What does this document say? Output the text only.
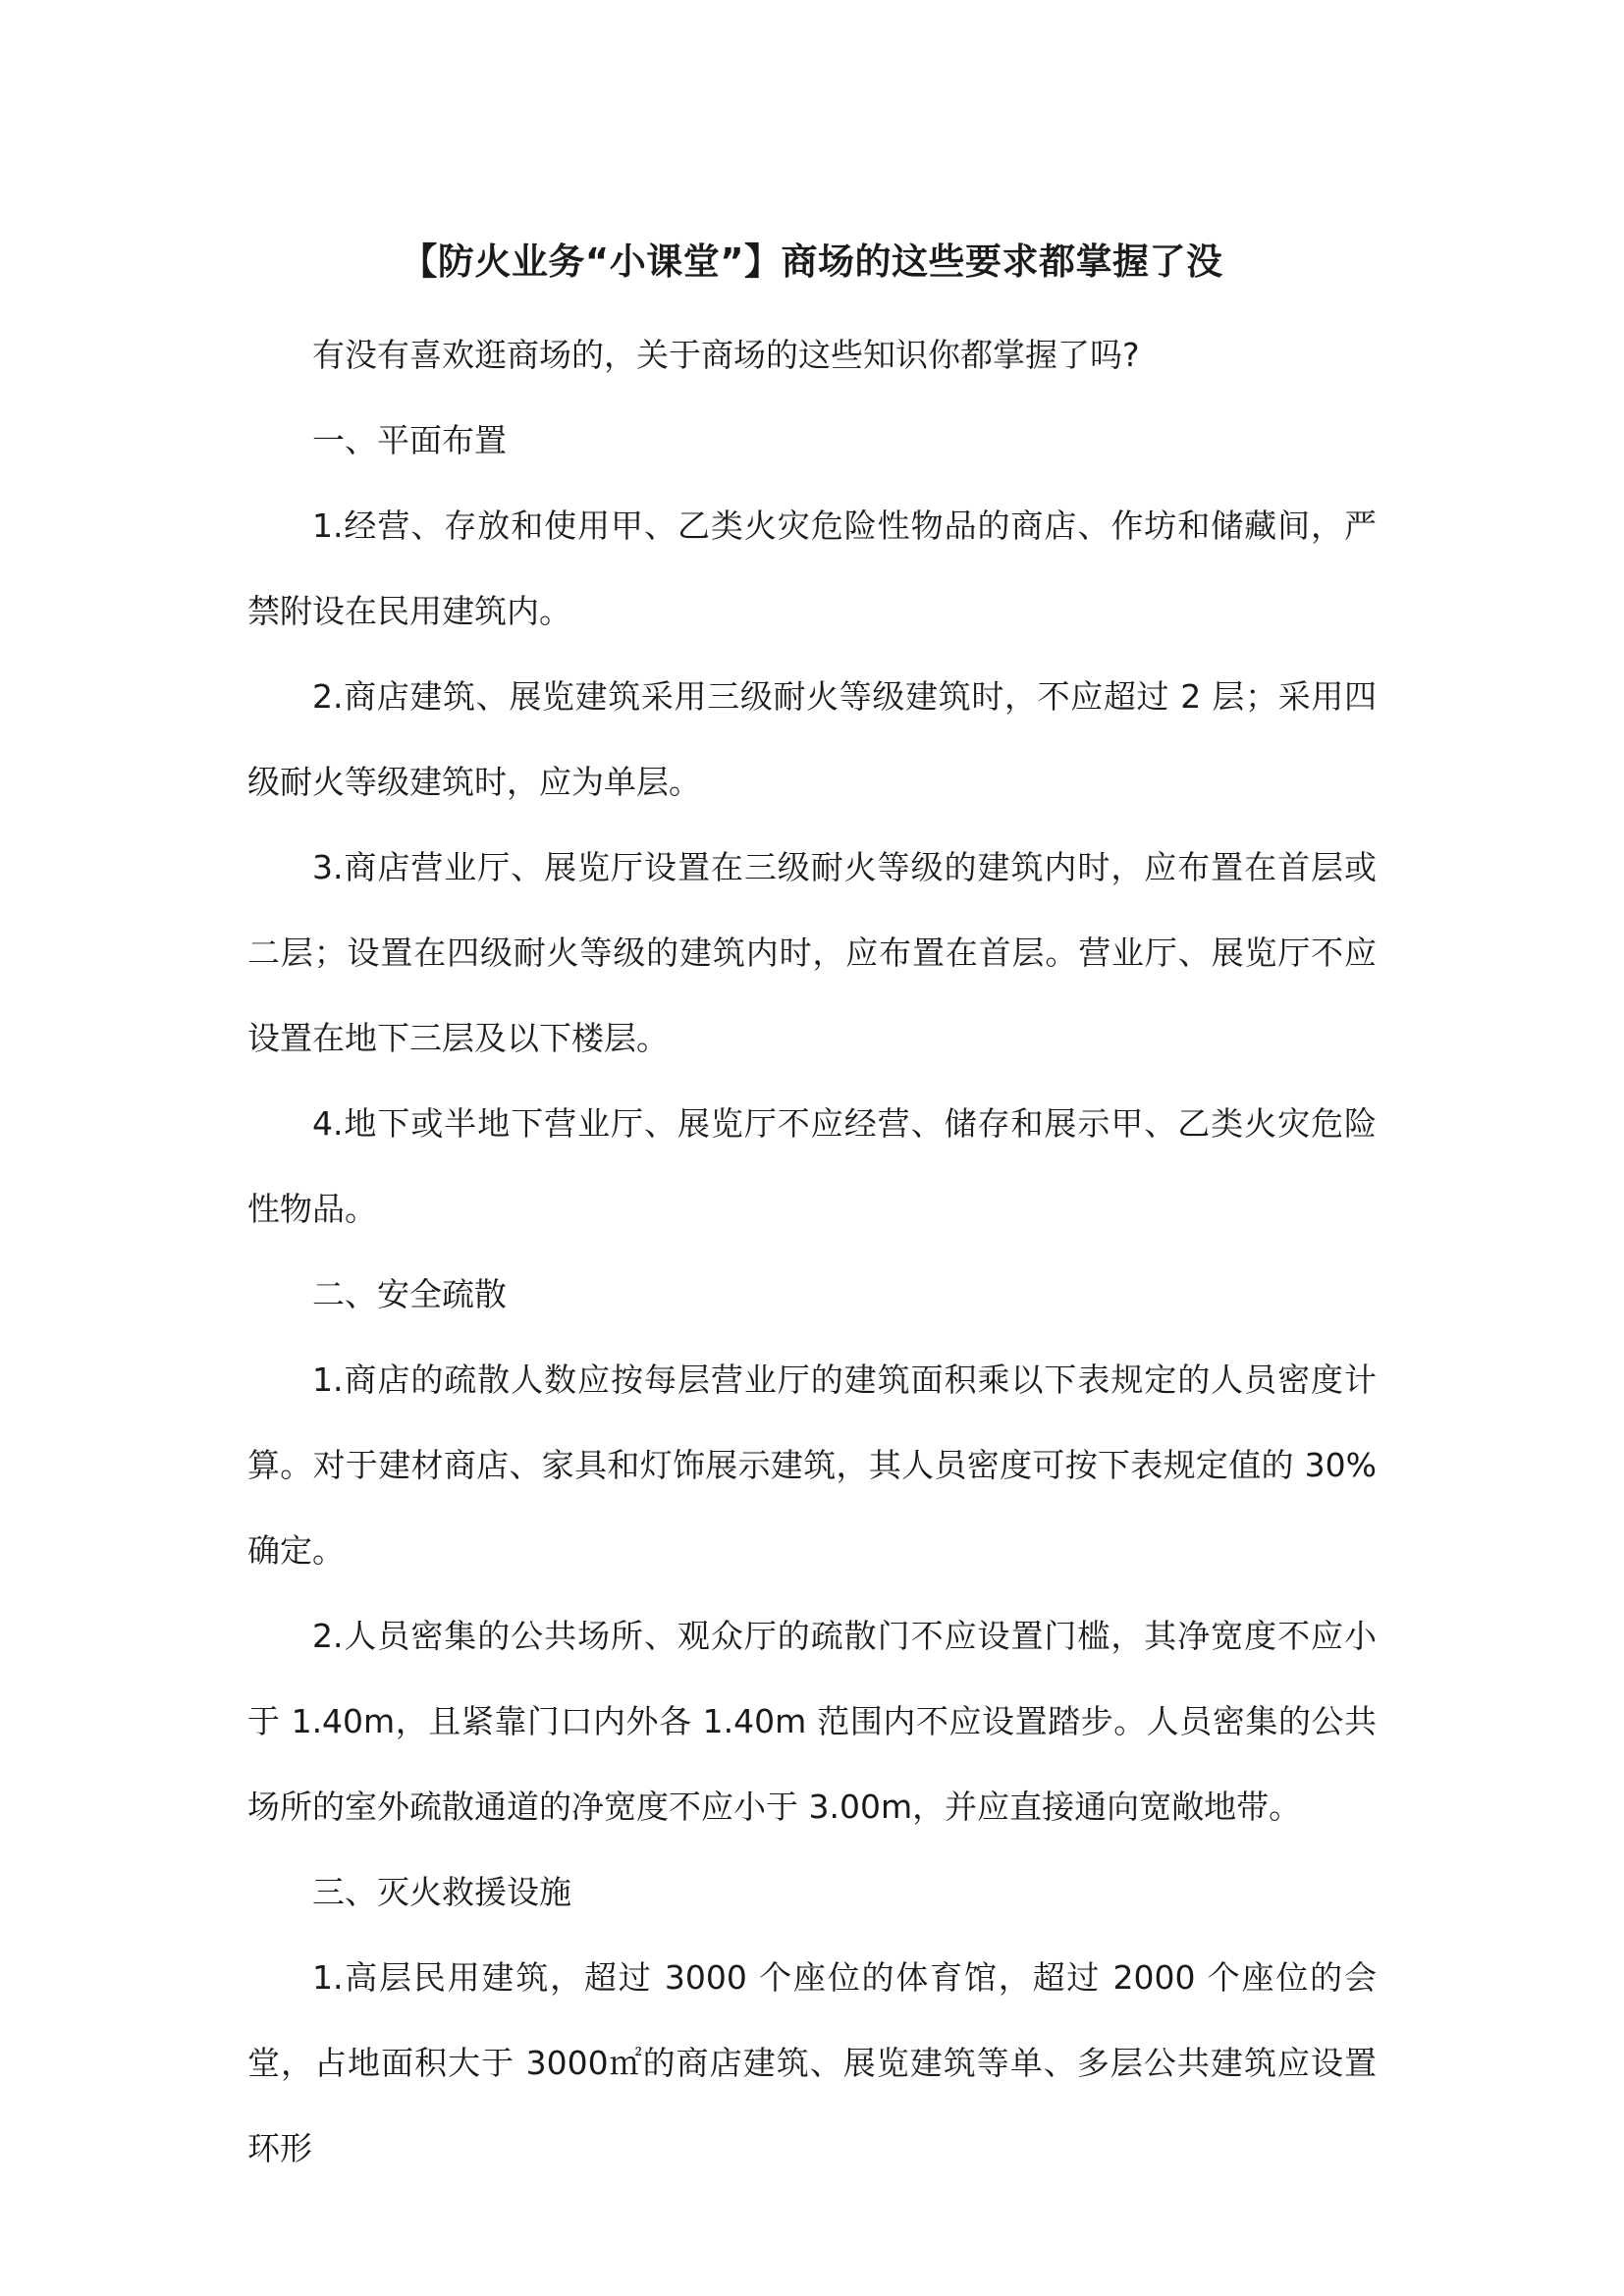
【防火业务“小课堂”】商场的这些要求都掌握了没

有没有喜欢逛商场的，关于商场的这些知识你都掌握了吗?

一、平面布置

1.经营、存放和使用甲、乙类火灾危险性物品的商店、作坊和储藏间，严禁附设在民用建筑内。

2.商店建筑、展览建筑采用三级耐火等级建筑时，不应超过 2 层；采用四级耐火等级建筑时，应为单层。

3.商店营业厅、展览厅设置在三级耐火等级的建筑内时，应布置在首层或二层；设置在四级耐火等级的建筑内时，应布置在首层。营业厅、展览厅不应设置在地下三层及以下楼层。

4.地下或半地下营业厅、展览厅不应经营、储存和展示甲、乙类火灾危险性物品。

二、安全疏散

1.商店的疏散人数应按每层营业厅的建筑面积乘以下表规定的人员密度计算。对于建材商店、家具和灯饰展示建筑，其人员密度可按下表规定值的 30%确定。

2.人员密集的公共场所、观众厅的疏散门不应设置门槛，其净宽度不应小于 1.40m，且紧靠门口内外各 1.40m 范围内不应设置踏步。人员密集的公共场所的室外疏散通道的净宽度不应小于 3.00m，并应直接通向宽敞地带。

三、灭火救援设施

1.高层民用建筑，超过 3000 个座位的体育馆，超过 2000 个座位的会堂，占地面积大于 3000㎡的商店建筑、展览建筑等单、多层公共建筑应设置环形
